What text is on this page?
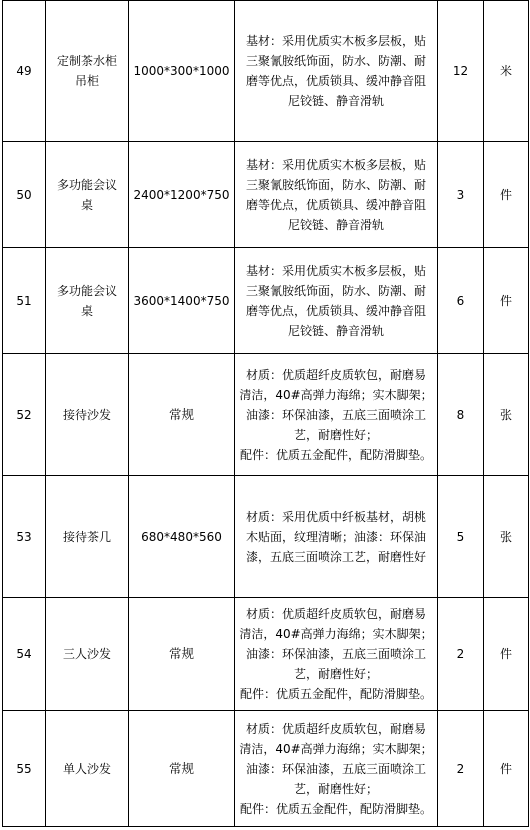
49	定制茶水柜
吊柜	1000*300*1000	基材：采用优质实木板多层板，贴
三聚氰胺纸饰面，防水、防潮、耐
磨等优点，优质锁具、缓冲静音阻
尼铰链、静音滑轨	12	米
50	多功能会议
桌	2400*1200*750	基材：采用优质实木板多层板，贴
三聚氰胺纸饰面，防水、防潮、耐
磨等优点，优质锁具、缓冲静音阻
尼铰链、静音滑轨	3	件
51	多功能会议
桌	3600*1400*750	基材：采用优质实木板多层板，贴
三聚氰胺纸饰面，防水、防潮、耐
磨等优点，优质锁具、缓冲静音阻
尼铰链、静音滑轨	6	件
52	接待沙发	常规	材质：优质超纤皮质软包，耐磨易
清洁，40#高弹力海绵；实木脚架；
油漆：环保油漆，五底三面喷涂工
艺，耐磨性好；
配件：优质五金配件，配防滑脚垫。	8	张
53	接待茶几	680*480*560	材质：采用优质中纤板基材，胡桃
木贴面，纹理清晰；油漆：环保油
漆，五底三面喷涂工艺，耐磨性好	5	张
54	三人沙发	常规	材质：优质超纤皮质软包，耐磨易
清洁，40#高弹力海绵；实木脚架；
油漆：环保油漆，五底三面喷涂工
艺，耐磨性好；
配件：优质五金配件，配防滑脚垫。	2	件
55	单人沙发	常规	材质：优质超纤皮质软包，耐磨易
清洁，40#高弹力海绵；实木脚架；
油漆：环保油漆，五底三面喷涂工
艺，耐磨性好；
配件：优质五金配件，配防滑脚垫。	2	件
